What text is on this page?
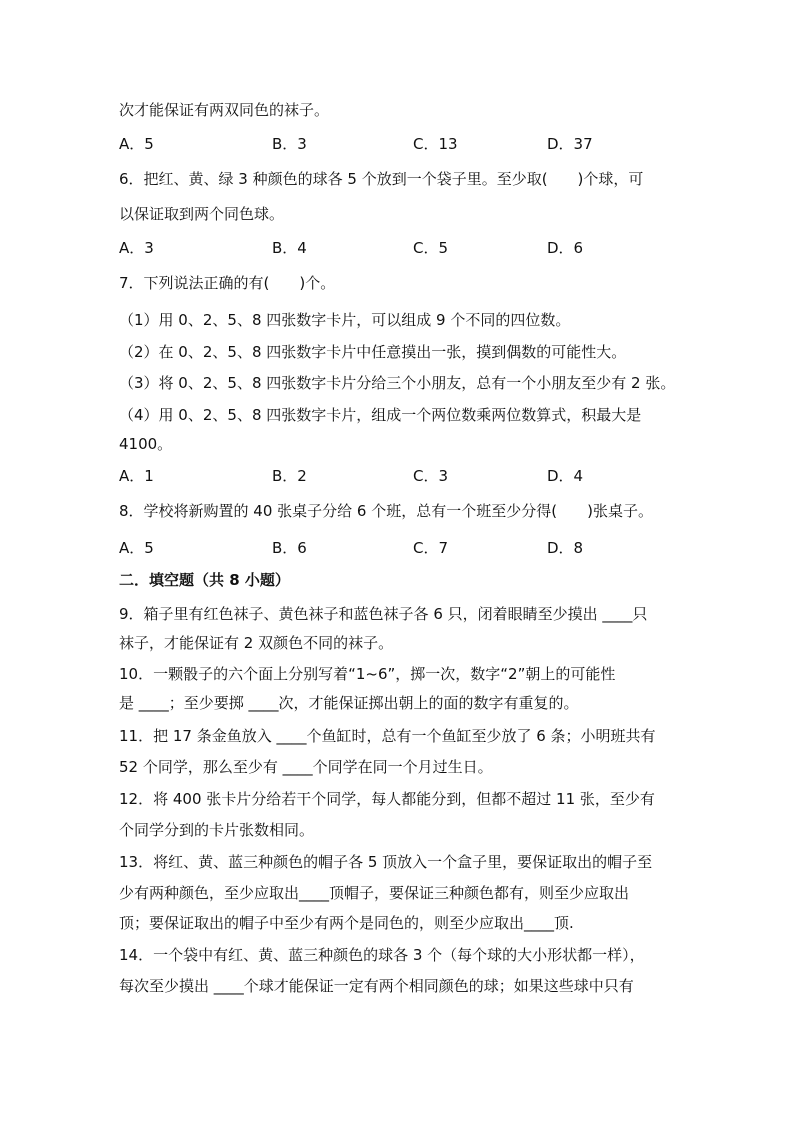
次才能保证有两双同色的袜子。
A．5	B．3	C．13	D．37
6．把红、黄、绿 3 种颜色的球各 5 个放到一个袋子里。至少取(　　)个球，可
以保证取到两个同色球。
A．3	B．4	C．5	D．6
7．下列说法正确的有(　　)个。
（1）用 0、2、5、8 四张数字卡片，可以组成 9 个不同的四位数。
（2）在 0、2、5、8 四张数字卡片中任意摸出一张，摸到偶数的可能性大。
（3）将 0、2、5、8 四张数字卡片分给三个小朋友，总有一个小朋友至少有 2 张。
（4）用 0、2、5、8 四张数字卡片，组成一个两位数乘两位数算式，积最大是
4100。
A．1	B．2	C．3	D．4
8．学校将新购置的 40 张桌子分给 6 个班，总有一个班至少分得(　　)张桌子。
A．5	B．6	C．7	D．8
二．填空题（共 8 小题）
9．箱子里有红色袜子、黄色袜子和蓝色袜子各 6 只，闭着眼睛至少摸出 ____只
袜子，才能保证有 2 双颜色不同的袜子。
10．一颗骰子的六个面上分别写着“1~6”，掷一次，数字“2”朝上的可能性
是 ____；至少要掷 ____次，才能保证掷出朝上的面的数字有重复的。
11．把 17 条金鱼放入 ____个鱼缸时，总有一个鱼缸至少放了 6 条；小明班共有
52 个同学，那么至少有 ____个同学在同一个月过生日。
12．将 400 张卡片分给若干个同学，每人都能分到，但都不超过 11 张，至少有
个同学分到的卡片张数相同。
13．将红、黄、蓝三种颜色的帽子各 5 顶放入一个盒子里，要保证取出的帽子至
少有两种颜色，至少应取出____顶帽子，要保证三种颜色都有，则至少应取出
顶；要保证取出的帽子中至少有两个是同色的，则至少应取出____顶.
14．一个袋中有红、黄、蓝三种颜色的球各 3 个（每个球的大小形状都一样），
每次至少摸出 ____个球才能保证一定有两个相同颜色的球；如果这些球中只有
